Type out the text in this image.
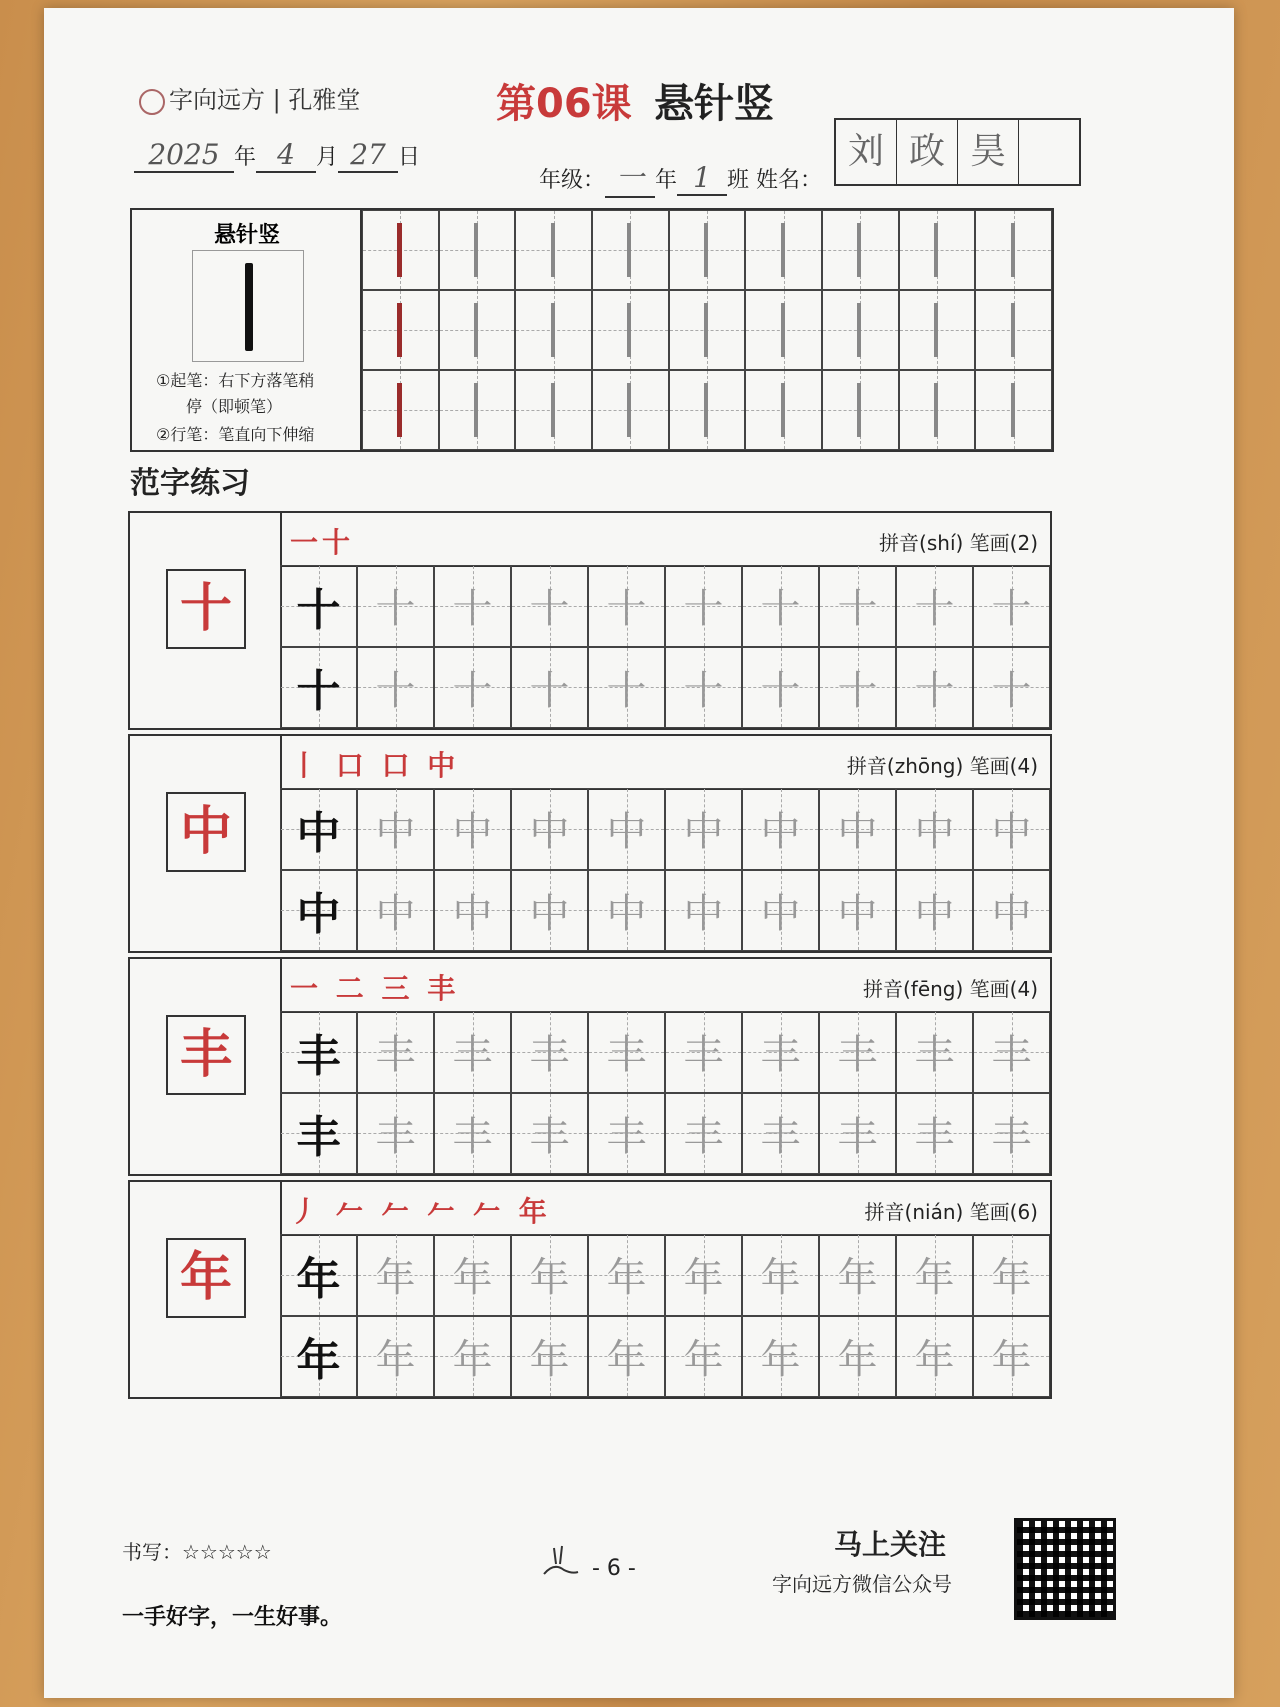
字向远方 | 孔雅堂	第06课 悬针竖
2025 年 4 月 27 日
年级： 一 年 1 班 姓名：
刘 政 昊
悬针竖
①起笔：右下方落笔稍
停（即顿笔）
②行笔：笔直向下伸缩
范字练习
十
一十	拼音(shí) 笔画(2)
十 十 十 十 十 十 十 十 十 十
十 十 十 十 十 十 十 十 十 十
中
丨 口 口 中	拼音(zhōng) 笔画(4)
中 中 中 中 中 中 中 中 中 中
中 中 中 中 中 中 中 中 中 中
丰
一 二 三 丰	拼音(fēng) 笔画(4)
丰 丰 丰 丰 丰 丰 丰 丰 丰 丰
丰 丰 丰 丰 丰 丰 丰 丰 丰 丰
年
丿 𠂉 𠂉 𠂉 𠂉 年	拼音(nián) 笔画(6)
年 年 年 年 年 年 年 年 年 年
年 年 年 年 年 年 年 年 年 年
书写：☆☆☆☆☆
一手好字，一生好事。
- 6 -
马上关注
字向远方微信公众号
